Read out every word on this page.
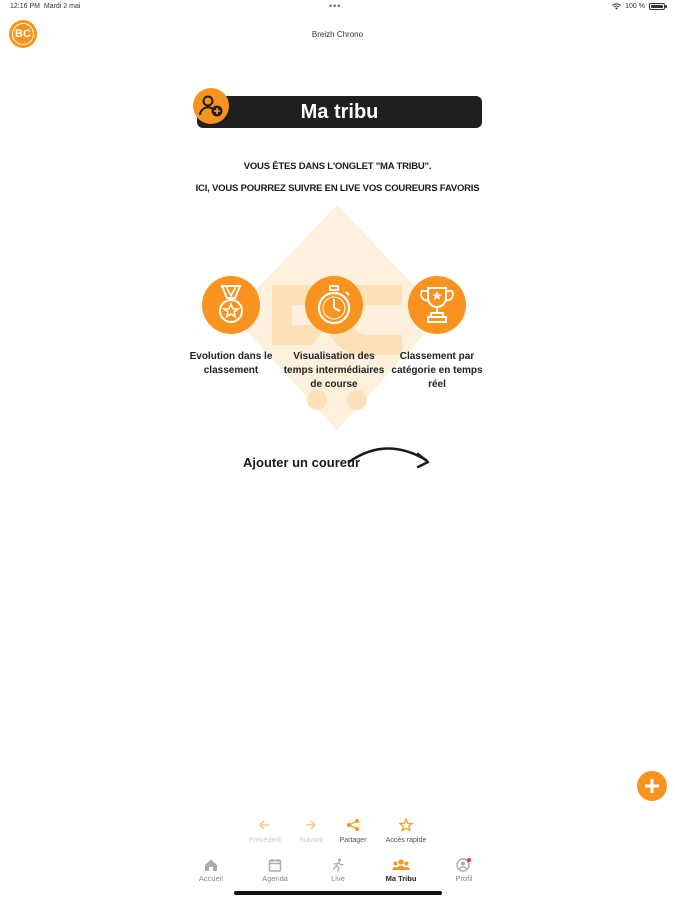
12:16 PM Mardi 2 mai	•••	100 %
BC	Breizh Chrono
Ma tribu
VOUS ÊTES DANS L'ONGLET "MA TRIBU".
ICI, VOUS POURREZ SUIVRE EN LIVE VOS COUREURS FAVORIS
Evolution dans le classement
Visualisation des temps intermédiaires de course
Classement par catégorie en temps réel
Ajouter un coureur
Précédent	Suivant	Partager	Accès rapide
Accueil	Agenda	Live	Ma Tribu	Profil
